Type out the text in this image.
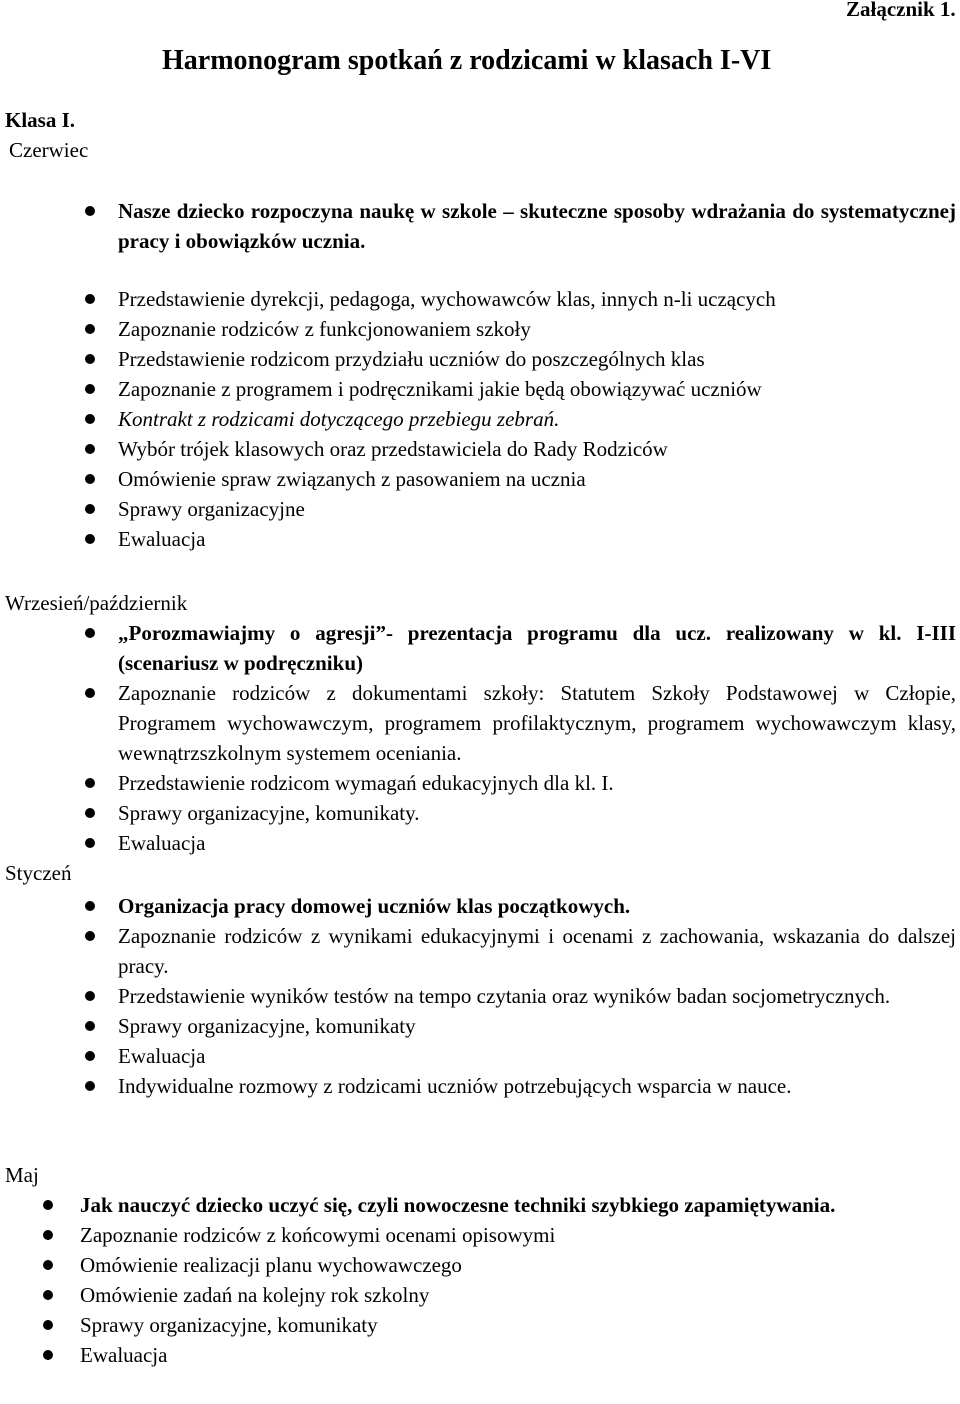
Załącznik 1.
Harmonogram spotkań z rodzicami w klasach I-VI
Klasa I.
Czerwiec
Nasze dziecko rozpoczyna naukę w szkole – skuteczne sposoby wdrażania do systematycznej pracy i obowiązków ucznia.
Przedstawienie dyrekcji, pedagoga, wychowawców klas, innych n-li uczących
Zapoznanie rodziców z funkcjonowaniem szkoły
Przedstawienie rodzicom przydziału uczniów do poszczególnych klas
Zapoznanie z programem i podręcznikami jakie będą obowiązywać uczniów
Kontrakt z rodzicami dotyczącego przebiegu zebrań.
Wybór trójek klasowych oraz przedstawiciela do Rady Rodziców
Omówienie spraw związanych z pasowaniem na ucznia
Sprawy organizacyjne
Ewaluacja
Wrzesień/październik
„Porozmawiajmy o agresji”- prezentacja programu dla ucz. realizowany w kl. I-III (scenariusz w podręczniku)
Zapoznanie rodziców z dokumentami szkoły: Statutem Szkoły Podstawowej w Człopie, Programem wychowawczym, programem profilaktycznym, programem wychowawczym klasy, wewnątrzszkolnym systemem oceniania.
Przedstawienie rodzicom wymagań edukacyjnych dla kl. I.
Sprawy organizacyjne, komunikaty.
Ewaluacja
Styczeń
Organizacja pracy domowej uczniów klas początkowych.
Zapoznanie rodziców z wynikami edukacyjnymi i ocenami z zachowania, wskazania do dalszej pracy.
Przedstawienie wyników testów na tempo czytania oraz wyników badan socjometrycznych.
Sprawy organizacyjne, komunikaty
Ewaluacja
Indywidualne rozmowy z rodzicami uczniów potrzebujących wsparcia w nauce.
Maj
Jak nauczyć dziecko uczyć się, czyli nowoczesne techniki szybkiego zapamiętywania.
Zapoznanie rodziców z końcowymi ocenami opisowymi
Omówienie realizacji planu wychowawczego
Omówienie zadań na kolejny rok szkolny
Sprawy organizacyjne, komunikaty
Ewaluacja
